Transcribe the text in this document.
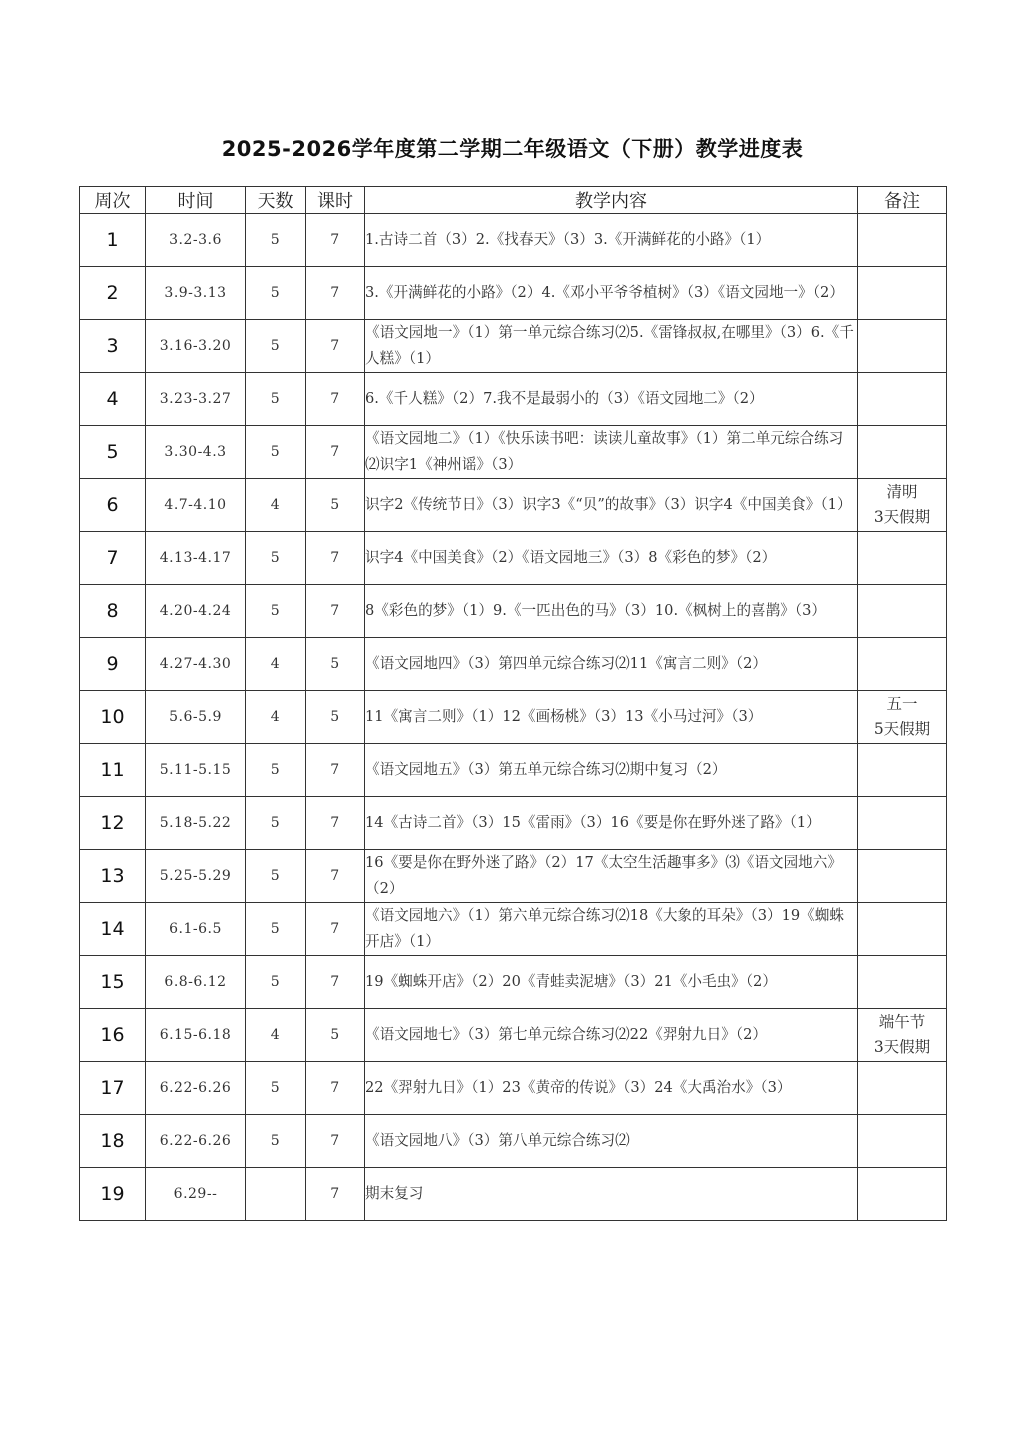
2025-2026学年度第二学期二年级语文（下册）教学进度表
周次	时间	天数	课时	教学内容	备注
1	3.2-3.6	5	7	1.古诗二首（3）2.《找春天》（3）3.《开满鲜花的小路》（1）	

2	3.9-3.13	5	7	3.《开满鲜花的小路》（2）4.《邓小平爷爷植树》（3）《语文园地一》（2）	

3	3.16-3.20	5	7	《语文园地一》（1）第一单元综合练习⑵5.《雷锋叔叔,在哪里》（3）6.《千人糕》（1）	

4	3.23-3.27	5	7	6.《千人糕》（2）7.我不是最弱小的（3）《语文园地二》（2）	

5	3.30-4.3	5	7	《语文园地二》（1）《快乐读书吧：读读儿童故事》（1）第二单元综合练习⑵识字1《神州谣》（3）	

6	4.7-4.10	4	5	识字2《传统节日》（3）识字3《“贝”的故事》（3）识字4《中国美食》（1）	清明
3天假期

7	4.13-4.17	5	7	识字4《中国美食》（2）《语文园地三》（3）8《彩色的梦》（2）	

8	4.20-4.24	5	7	8《彩色的梦》（1）9.《一匹出色的马》（3）10.《枫树上的喜鹊》（3）	

9	4.27-4.30	4	5	《语文园地四》（3）第四单元综合练习⑵11《寓言二则》（2）	

10	5.6-5.9	4	5	11《寓言二则》（1）12《画杨桃》（3）13《小马过河》（3）	五一
5天假期

11	5.11-5.15	5	7	《语文园地五》（3）第五单元综合练习⑵期中复习（2）	

12	5.18-5.22	5	7	14《古诗二首》（3）15《雷雨》（3）16《要是你在野外迷了路》（1）	

13	5.25-5.29	5	7	16《要是你在野外迷了路》（2）17《太空生活趣事多》⑶《语文园地六》（2）	

14	6.1-6.5	5	7	《语文园地六》（1）第六单元综合练习⑵18《大象的耳朵》（3）19《蜘蛛开店》（1）	

15	6.8-6.12	5	7	19《蜘蛛开店》（2）20《青蛙卖泥塘》（3）21《小毛虫》（2）	

16	6.15-6.18	4	5	《语文园地七》（3）第七单元综合练习⑵22《羿射九日》（2）	端午节
3天假期

17	6.22-6.26	5	7	22《羿射九日》（1）23《黄帝的传说》（3）24《大禹治水》（3）	

18	6.22-6.26	5	7	《语文园地八》（3）第八单元综合练习⑵	

19	6.29--		7	期末复习	
